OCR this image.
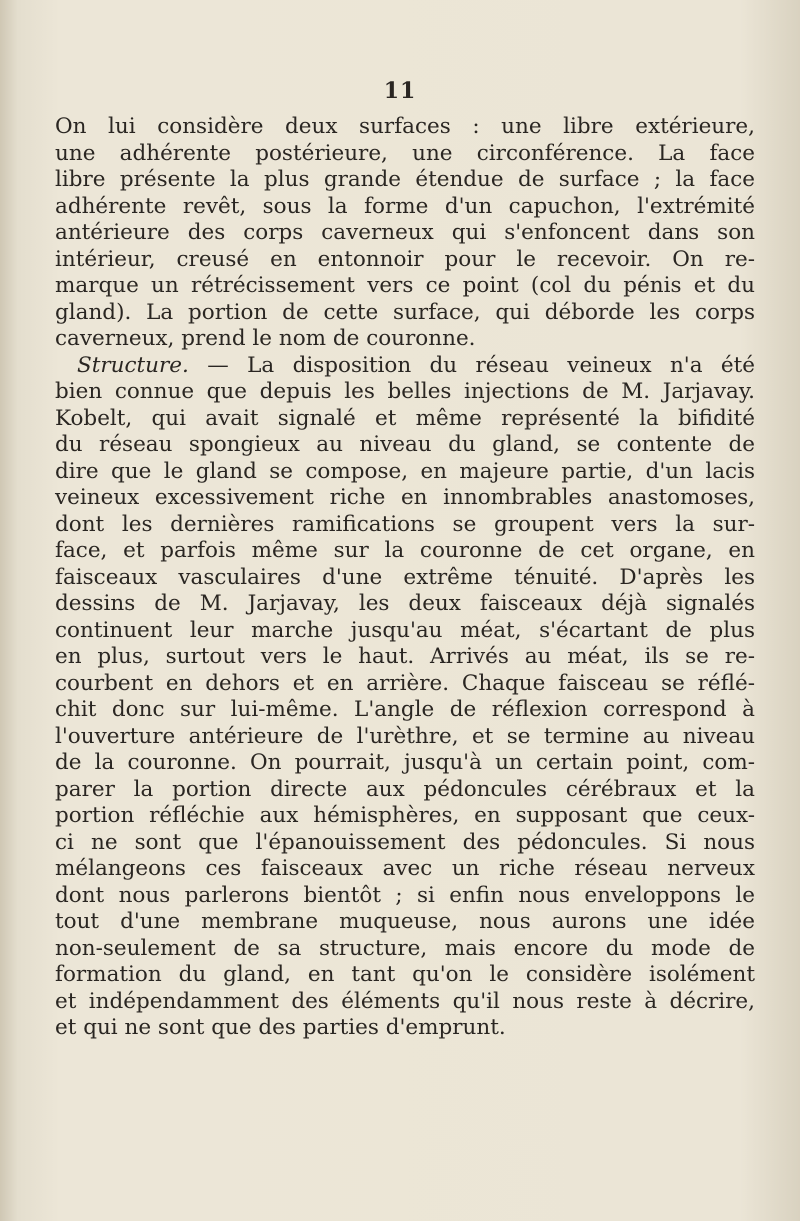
11
On lui considère deux surfaces : une libre extérieure,
une adhérente postérieure, une circonférence. La face
libre présente la plus grande étendue de surface ; la face
adhérente revêt, sous la forme d'un capuchon, l'extrémité
antérieure des corps caverneux qui s'enfoncent dans son
intérieur, creusé en entonnoir pour le recevoir. On re-
marque un rétrécissement vers ce point (col du pénis et du
gland). La portion de cette surface, qui déborde les corps
caverneux, prend le nom de couronne.
Structure. — La disposition du réseau veineux n'a été
bien connue que depuis les belles injections de M. Jarjavay.
Kobelt, qui avait signalé et même représenté la bifidité
du réseau spongieux au niveau du gland, se contente de
dire que le gland se compose, en majeure partie, d'un lacis
veineux excessivement riche en innombrables anastomoses,
dont les dernières ramifications se groupent vers la sur-
face, et parfois même sur la couronne de cet organe, en
faisceaux vasculaires d'une extrême ténuité. D'après les
dessins de M. Jarjavay, les deux faisceaux déjà signalés
continuent leur marche jusqu'au méat, s'écartant de plus
en plus, surtout vers le haut. Arrivés au méat, ils se re-
courbent en dehors et en arrière. Chaque faisceau se réflé-
chit donc sur lui-même. L'angle de réflexion correspond à
l'ouverture antérieure de l'urèthre, et se termine au niveau
de la couronne. On pourrait, jusqu'à un certain point, com-
parer la portion directe aux pédoncules cérébraux et la
portion réfléchie aux hémisphères, en supposant que ceux-
ci ne sont que l'épanouissement des pédoncules. Si nous
mélangeons ces faisceaux avec un riche réseau nerveux
dont nous parlerons bientôt ; si enfin nous enveloppons le
tout d'une membrane muqueuse, nous aurons une idée
non-seulement de sa structure, mais encore du mode de
formation du gland, en tant qu'on le considère isolément
et indépendamment des éléments qu'il nous reste à décrire,
et qui ne sont que des parties d'emprunt.
